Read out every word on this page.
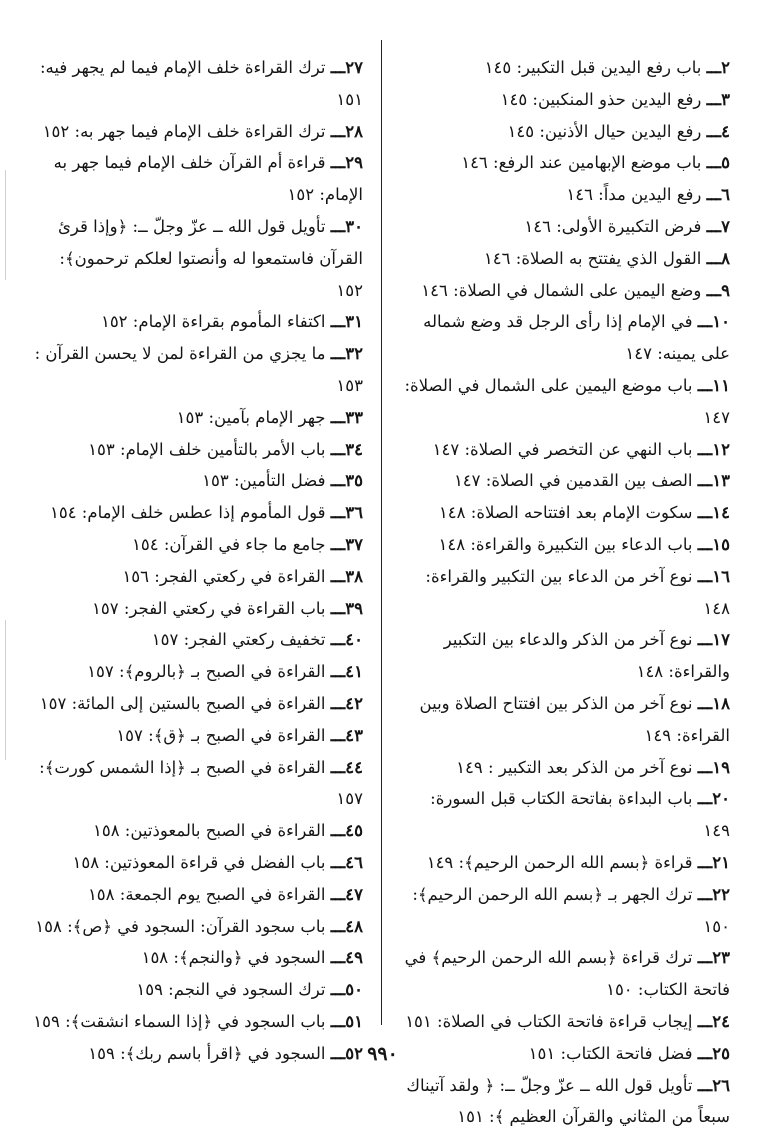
٢ـــ باب رفع اليدين قبل التكبير: ١٤٥

٣ـــ رفع اليدين حذو المنكبين: ١٤٥

٤ـــ رفع اليدين حيال الأذنين: ١٤٥

٥ـــ باب موضع الإبهامين عند الرفع: ١٤٦

٦ـــ رفع اليدين مداً: ١٤٦

٧ـــ فرض التكبيرة الأولى: ١٤٦

٨ـــ القول الذي يفتتح به الصلاة: ١٤٦

٩ـــ وضع اليمين على الشمال في الصلاة: ١٤٦

١٠ـــ في الإمام إذا رأى الرجل قد وضع شماله على يمينه: ١٤٧

١١ـــ باب موضع اليمين على الشمال في الصلاة: ١٤٧

١٢ـــ باب النهي عن التخصر في الصلاة: ١٤٧

١٣ـــ الصف بين القدمين في الصلاة: ١٤٧

١٤ـــ سكوت الإمام بعد افتتاحه الصلاة: ١٤٨

١٥ـــ باب الدعاء بين التكبيرة والقراءة: ١٤٨

١٦ـــ نوع آخر من الدعاء بين التكبير والقراءة: ١٤٨

١٧ـــ نوع آخر من الذكر والدعاء بين التكبير والقراءة: ١٤٨

١٨ـــ نوع آخر من الذكر بين افتتاح الصلاة وبين القراءة: ١٤٩

١٩ـــ نوع آخر من الذكر بعد التكبير : ١٤٩

٢٠ـــ باب البداءة بفاتحة الكتاب قبل السورة: ١٤٩

٢١ـــ قراءة ﴿بسم الله الرحمن الرحيم﴾: ١٤٩

٢٢ـــ ترك الجهر بـ ﴿بسم الله الرحمن الرحيم﴾: ١٥٠

٢٣ـــ ترك قراءة ﴿بسم الله الرحمن الرحيم﴾ في فاتحة الكتاب: ١٥٠

٢٤ـــ إيجاب قراءة فاتحة الكتاب في الصلاة: ١٥١

٢٥ـــ فضل فاتحة الكتاب: ١٥١

٢٦ـــ تأويل قول الله ــ عزّ وجلّ ــ: ﴿ ولقد آتيناك سبعاً من المثاني والقرآن العظيم ﴾: ١٥١

٢٧ـــ ترك القراءة خلف الإمام فيما لم يجهر فيه: ١٥١

٢٨ـــ ترك القراءة خلف الإمام فيما جهر به: ١٥٢

٢٩ـــ قراءة أم القرآن خلف الإمام فيما جهر به الإمام: ١٥٢

٣٠ـــ تأويل قول الله ــ عزّ وجلّ ــ: ﴿وإذا قرئ القرآن فاستمعوا له وأنصتوا لعلكم ترحمون﴾: ١٥٢

٣١ـــ اكتفاء المأموم بقراءة الإمام: ١٥٢

٣٢ـــ ما يجزي من القراءة لمن لا يحسن القرآن : ١٥٣

٣٣ـــ جهر الإمام بآمين: ١٥٣

٣٤ـــ باب الأمر بالتأمين خلف الإمام: ١٥٣

٣٥ـــ فضل التأمين: ١٥٣

٣٦ـــ قول المأموم إذا عطس خلف الإمام: ١٥٤

٣٧ـــ جامع ما جاء في القرآن: ١٥٤

٣٨ـــ القراءة في ركعتي الفجر: ١٥٦

٣٩ـــ باب القراءة في ركعتي الفجر: ١٥٧

٤٠ـــ تخفيف ركعتي الفجر: ١٥٧

٤١ـــ القراءة في الصبح بـ ﴿بالروم﴾: ١٥٧

٤٢ـــ القراءة في الصبح بالستين إلى المائة: ١٥٧

٤٣ـــ القراءة في الصبح بـ ﴿ق﴾: ١٥٧

٤٤ـــ القراءة في الصبح بـ ﴿إذا الشمس كورت﴾: ١٥٧

٤٥ـــ القراءة في الصبح بالمعوذتين: ١٥٨

٤٦ـــ باب الفضل في قراءة المعوذتين: ١٥٨

٤٧ـــ القراءة في الصبح يوم الجمعة: ١٥٨

٤٨ـــ باب سجود القرآن: السجود في ﴿ص﴾: ١٥٨

٤٩ـــ السجود في ﴿والنجم﴾: ١٥٨

٥٠ـــ ترك السجود في النجم: ١٥٩

٥١ـــ باب السجود في ﴿إذا السماء انشقت﴾: ١٥٩

٥٢ـــ السجود في ﴿اقرأ باسم ربك﴾: ١٥٩	٩٩٠
